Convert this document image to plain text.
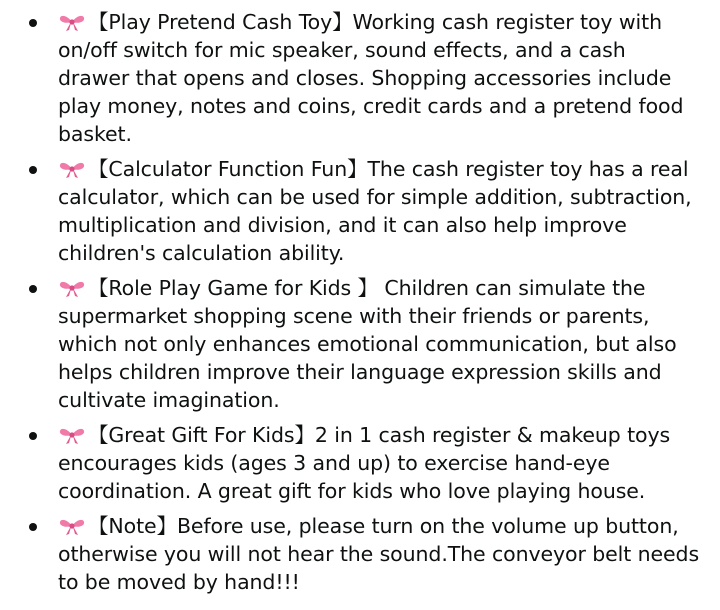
【Play Pretend Cash Toy】Working cash register toy with on/off switch for mic speaker, sound effects, and a cash drawer that opens and closes. Shopping accessories include play money, notes and coins, credit cards and a pretend food basket.
【Calculator Function Fun】The cash register toy has a real calculator, which can be used for simple addition, subtraction, multiplication and division, and it can also help improve children's calculation ability.
【Role Play Game for Kids 】 Children can simulate the supermarket shopping scene with their friends or parents, which not only enhances emotional communication, but also helps children improve their language expression skills and cultivate imagination.
【Great Gift For Kids】2 in 1 cash register & makeup toys encourages kids (ages 3 and up) to exercise hand-eye coordination. A great gift for kids who love playing house.
【Note】Before use, please turn on the volume up button, otherwise you will not hear the sound.The conveyor belt needs to be moved by hand!!!
